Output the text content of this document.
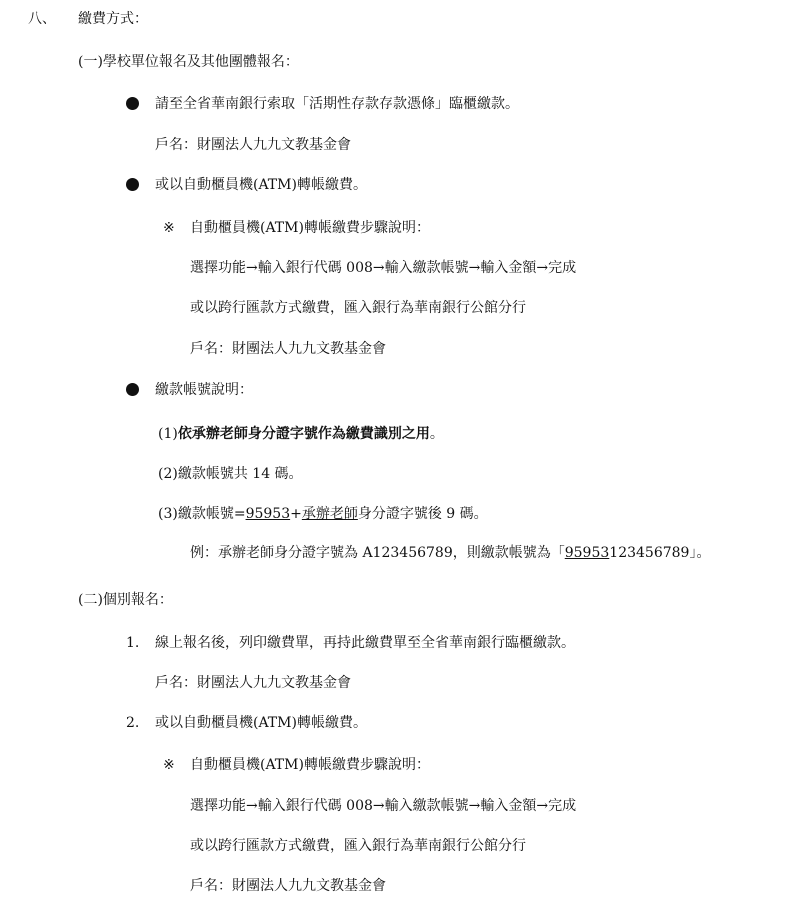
八、 繳費方式：
(一)學校單位報名及其他團體報名：
請至全省華南銀行索取「活期性存款存款憑條」臨櫃繳款。
戶名：財團法人九九文教基金會
或以自動櫃員機(ATM)轉帳繳費。
※ 自動櫃員機(ATM)轉帳繳費步驟說明：
選擇功能→輸入銀行代碼 008→輸入繳款帳號→輸入金額→完成
或以跨行匯款方式繳費，匯入銀行為華南銀行公館分行
戶名：財團法人九九文教基金會
繳款帳號說明：
(1)依承辦老師身分證字號作為繳費識別之用。
(2)繳款帳號共 14 碼。
(3)繳款帳號=95953+承辦老師身分證字號後 9 碼。
例：承辦老師身分證字號為 A123456789，則繳款帳號為「95953123456789」。
(二)個別報名：
1. 線上報名後，列印繳費單，再持此繳費單至全省華南銀行臨櫃繳款。
戶名：財團法人九九文教基金會
2. 或以自動櫃員機(ATM)轉帳繳費。
※ 自動櫃員機(ATM)轉帳繳費步驟說明：
選擇功能→輸入銀行代碼 008→輸入繳款帳號→輸入金額→完成
或以跨行匯款方式繳費，匯入銀行為華南銀行公館分行
戶名：財團法人九九文教基金會
